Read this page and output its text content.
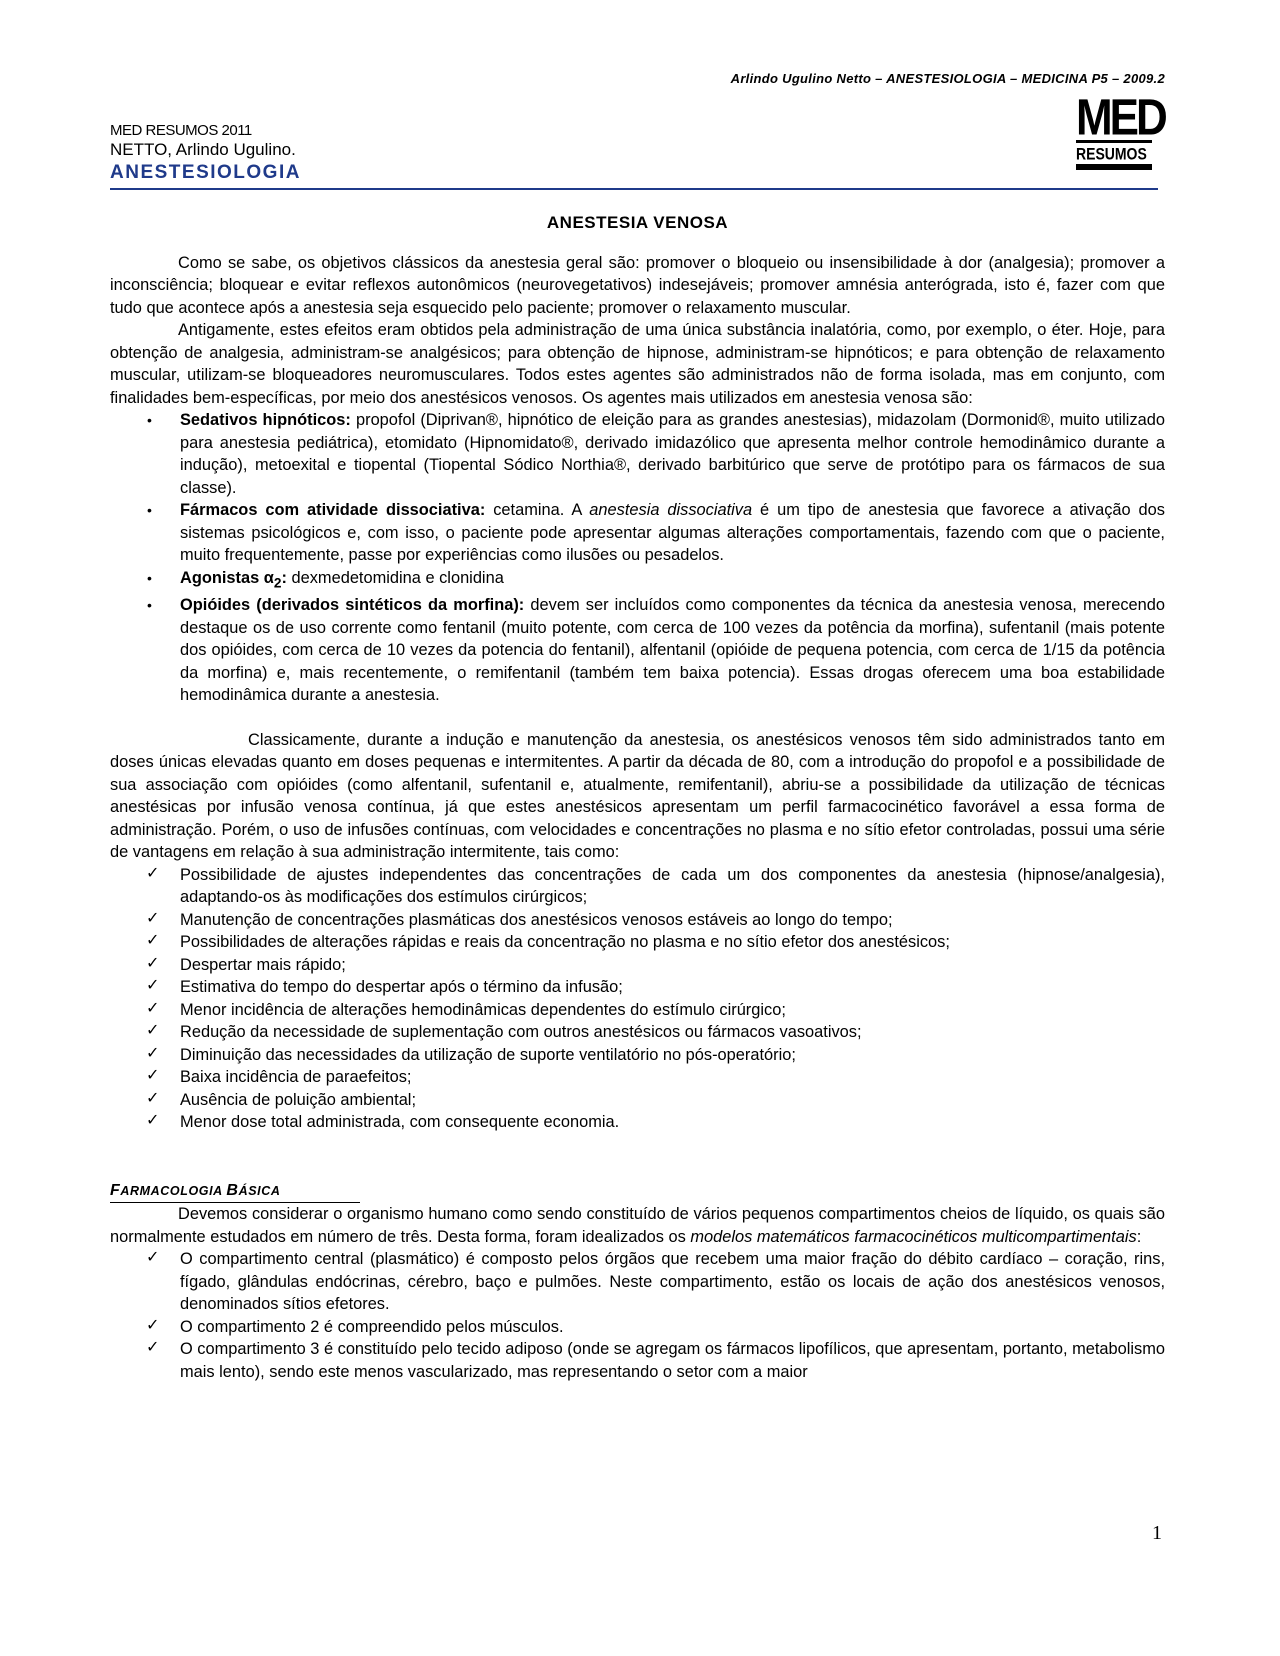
Arlindo Ugulino Netto – ANESTESIOLOGIA – MEDICINA P5 – 2009.2
MED RESUMOS 2011
NETTO, Arlindo Ugulino.
ANESTESIOLOGIA
MED
RESUMOS
ANESTESIA VENOSA

Como se sabe, os objetivos clássicos da anestesia geral são: promover o bloqueio ou insensibilidade à dor (analgesia); promover a inconsciência; bloquear e evitar reflexos autonômicos (neurovegetativos) indesejáveis; promover amnésia anterógrada, isto é, fazer com que tudo que acontece após a anestesia seja esquecido pelo paciente; promover o relaxamento muscular.

Antigamente, estes efeitos eram obtidos pela administração de uma única substância inalatória, como, por exemplo, o éter. Hoje, para obtenção de analgesia, administram-se analgésicos; para obtenção de hipnose, administram-se hipnóticos; e para obtenção de relaxamento muscular, utilizam-se bloqueadores neuromusculares. Todos estes agentes são administrados não de forma isolada, mas em conjunto, com finalidades bem-específicas, por meio dos anestésicos venosos. Os agentes mais utilizados em anestesia venosa são:

• Sedativos hipnóticos: propofol (Diprivan®, hipnótico de eleição para as grandes anestesias), midazolam (Dormonid®, muito utilizado para anestesia pediátrica), etomidato (Hipnomidato®, derivado imidazólico que apresenta melhor controle hemodinâmico durante a indução), metoexital e tiopental (Tiopental Sódico Northia®, derivado barbitúrico que serve de protótipo para os fármacos de sua classe).
• Fármacos com atividade dissociativa: cetamina. A anestesia dissociativa é um tipo de anestesia que favorece a ativação dos sistemas psicológicos e, com isso, o paciente pode apresentar algumas alterações comportamentais, fazendo com que o paciente, muito frequentemente, passe por experiências como ilusões ou pesadelos.
• Agonistas $\alpha_2$: dexmedetomidina e clonidina
• Opióides (derivados sintéticos da morfina): devem ser incluídos como componentes da técnica da anestesia venosa, merecendo destaque os de uso corrente como fentanil (muito potente, com cerca de 100 vezes da potência da morfina), sufentanil (mais potente dos opióides, com cerca de 10 vezes da potencia do fentanil), alfentanil (opióide de pequena potencia, com cerca de 1/15 da potência da morfina) e, mais recentemente, o remifentanil (também tem baixa potencia). Essas drogas oferecem uma boa estabilidade hemodinâmica durante a anestesia.

Classicamente, durante a indução e manutenção da anestesia, os anestésicos venosos têm sido administrados tanto em doses únicas elevadas quanto em doses pequenas e intermitentes. A partir da década de 80, com a introdução do propofol e a possibilidade de sua associação com opióides (como alfentanil, sufentanil e, atualmente, remifentanil), abriu-se a possibilidade da utilização de técnicas anestésicas por infusão venosa contínua, já que estes anestésicos apresentam um perfil farmacocinético favorável a essa forma de administração. Porém, o uso de infusões contínuas, com velocidades e concentrações no plasma e no sítio efetor controladas, possui uma série de vantagens em relação à sua administração intermitente, tais como:

✓ Possibilidade de ajustes independentes das concentrações de cada um dos componentes da anestesia (hipnose/analgesia), adaptando-os às modificações dos estímulos cirúrgicos;
✓ Manutenção de concentrações plasmáticas dos anestésicos venosos estáveis ao longo do tempo;
✓ Possibilidades de alterações rápidas e reais da concentração no plasma e no sítio efetor dos anestésicos;
✓ Despertar mais rápido;
✓ Estimativa do tempo do despertar após o término da infusão;
✓ Menor incidência de alterações hemodinâmicas dependentes do estímulo cirúrgico;
✓ Redução da necessidade de suplementação com outros anestésicos ou fármacos vasoativos;
✓ Diminuição das necessidades da utilização de suporte ventilatório no pós-operatório;
✓ Baixa incidência de paraefeitos;
✓ Ausência de poluição ambiental;
✓ Menor dose total administrada, com consequente economia.
FARMACOLOGIA BÁSICA

Devemos considerar o organismo humano como sendo constituído de vários pequenos compartimentos cheios de líquido, os quais são normalmente estudados em número de três. Desta forma, foram idealizados os modelos matemáticos farmacocinéticos multicompartimentais:

✓ O compartimento central (plasmático) é composto pelos órgãos que recebem uma maior fração do débito cardíaco – coração, rins, fígado, glândulas endócrinas, cérebro, baço e pulmões. Neste compartimento, estão os locais de ação dos anestésicos venosos, denominados sítios efetores.
✓ O compartimento 2 é compreendido pelos músculos.
✓ O compartimento 3 é constituído pelo tecido adiposo (onde se agregam os fármacos lipofílicos, que apresentam, portanto, metabolismo mais lento), sendo este menos vascularizado, mas representando o setor com a maior
1
